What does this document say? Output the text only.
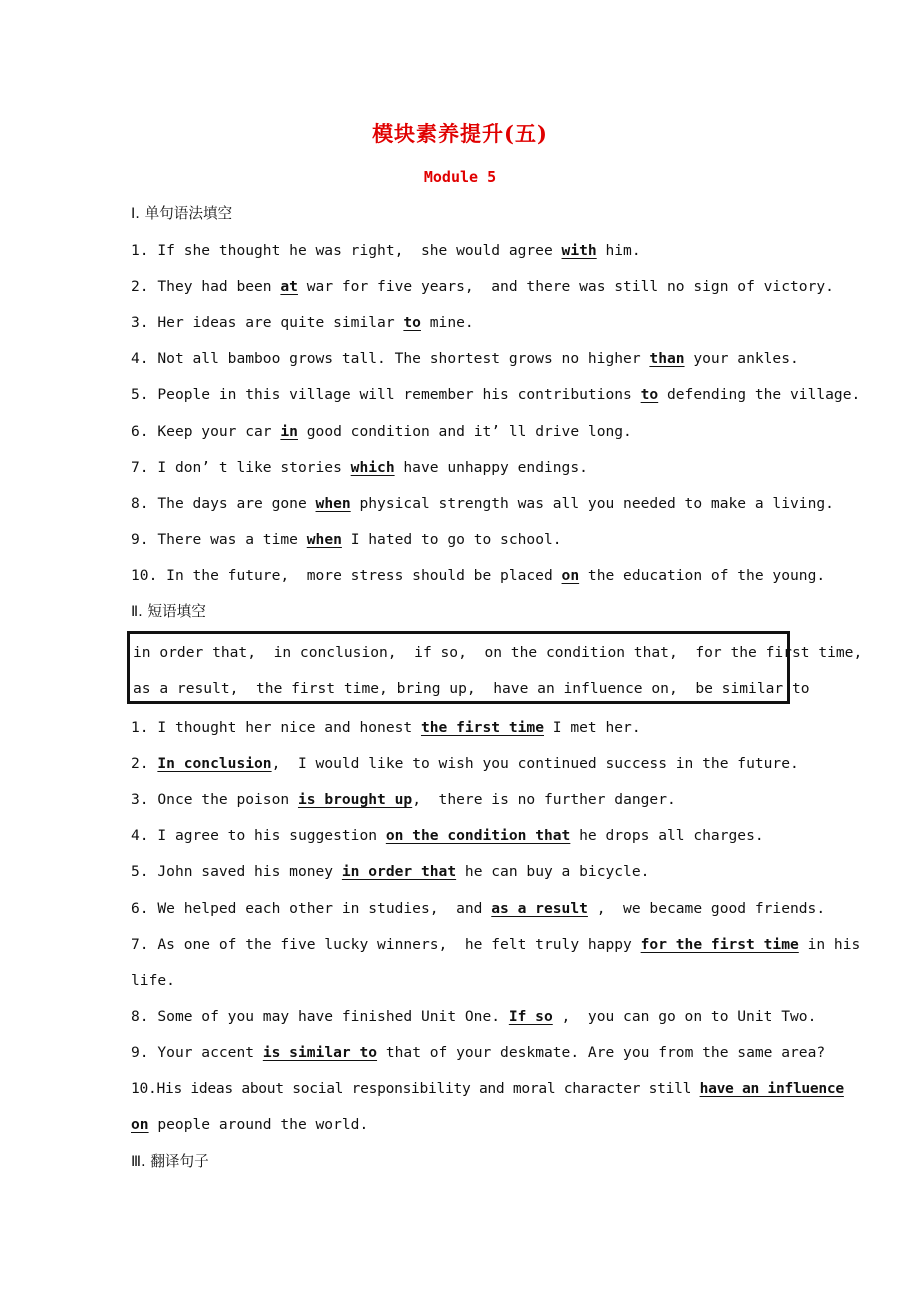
模块素养提升(五)
Module 5
Ⅰ. 单句语法填空
1. If she thought he was right,  she would agree with him.
2. They had been at war for five years,  and there was still no sign of victory.
3. Her ideas are quite similar to mine.
4. Not all bamboo grows tall. The shortest grows no higher than your ankles.
5. People in this village will remember his contributions to defending the village.
6. Keep your car in good condition and it’ ll drive long.
7. I don’ t like stories which have unhappy endings.
8. The days are gone when physical strength was all you needed to make a living.
9. There was a time when I hated to go to school.
10. In the future,  more stress should be placed on the education of the young.
Ⅱ. 短语填空
in order that,  in conclusion,  if so,  on the condition that,  for the first time,
as a result,  the first time, bring up,  have an influence on,  be similar to
1. I thought her nice and honest the first time I met her.
2. In conclusion,  I would like to wish you continued success in the future.
3. Once the poison is brought up,  there is no further danger.
4. I agree to his suggestion on the condition that he drops all charges.
5. John saved his money in order that he can buy a bicycle.
6. We helped each other in studies,  and as a result ,  we became good friends.
7. As one of the five lucky winners,  he felt truly happy for the first time in his
life.
8. Some of you may have finished Unit One. If so ,  you can go on to Unit Two.
9. Your accent is similar to that of your deskmate. Are you from the same area?
10.His ideas about social responsibility and moral character still have an influence
on people around the world.
Ⅲ. 翻译句子
